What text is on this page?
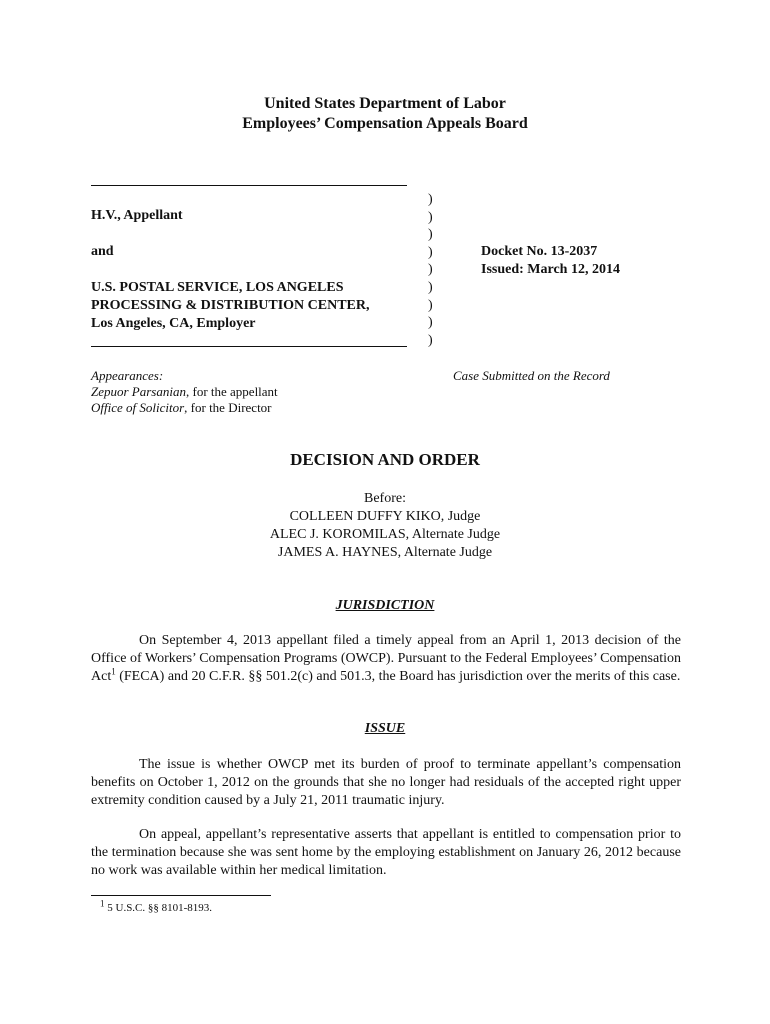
United States Department of Labor
Employees’ Compensation Appeals Board
H.V., Appellant
and
U.S. POSTAL SERVICE, LOS ANGELES
PROCESSING & DISTRIBUTION CENTER,
Los Angeles, CA, Employer
)
)
)
)
)
)
)
)
)
Docket No. 13-2037
Issued: March 12, 2014
Appearances:
Zepuor Parsanian, for the appellant
Office of Solicitor, for the Director
Case Submitted on the Record
DECISION AND ORDER
Before:
COLLEEN DUFFY KIKO, Judge
ALEC J. KOROMILAS, Alternate Judge
JAMES A. HAYNES, Alternate Judge
JURISDICTION
On September 4, 2013 appellant filed a timely appeal from an April 1, 2013 decision of the Office of Workers’ Compensation Programs (OWCP). Pursuant to the Federal Employees’ Compensation Act$^1$ (FECA) and 20 C.F.R. §§ 501.2(c) and 501.3, the Board has jurisdiction over the merits of this case.
ISSUE
The issue is whether OWCP met its burden of proof to terminate appellant’s compensation benefits on October 1, 2012 on the grounds that she no longer had residuals of the accepted right upper extremity condition caused by a July 21, 2011 traumatic injury.
On appeal, appellant’s representative asserts that appellant is entitled to compensation prior to the termination because she was sent home by the employing establishment on January 26, 2012 because no work was available within her medical limitation.
$^1$ 5 U.S.C. §§ 8101-8193.
